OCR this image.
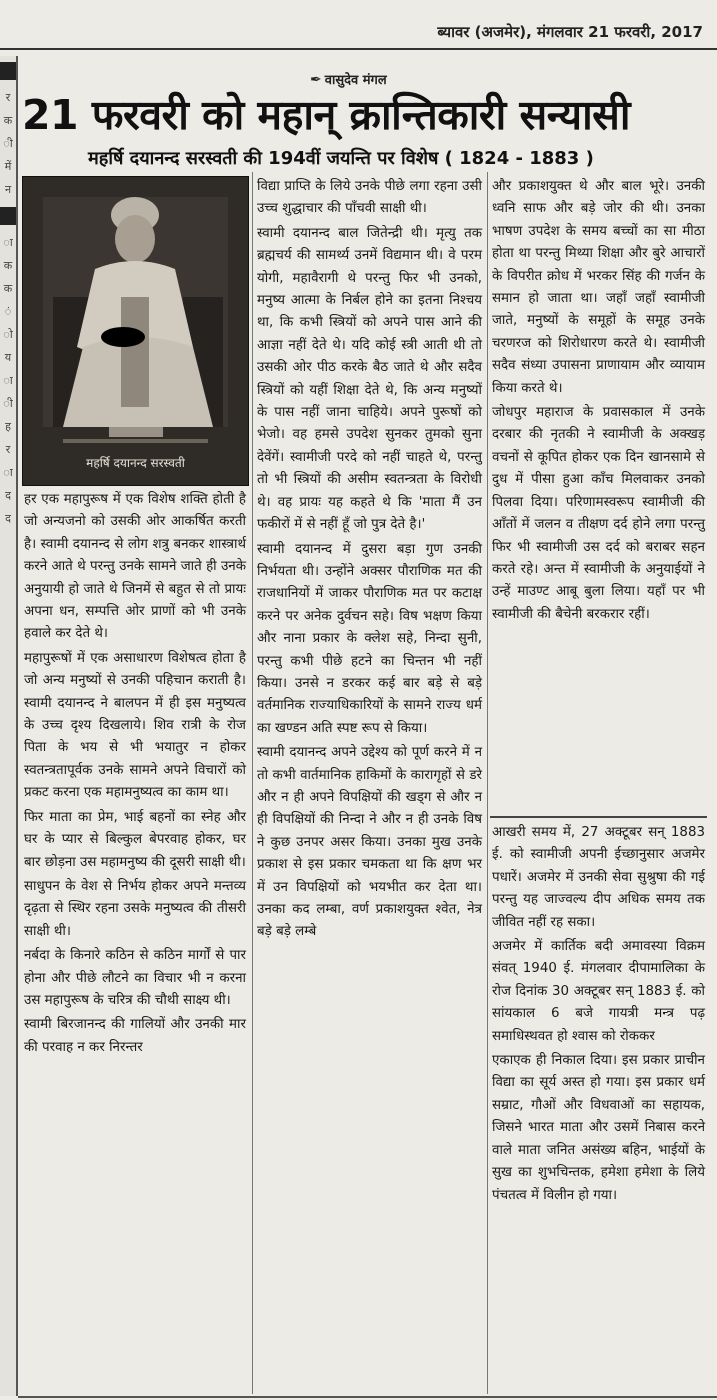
ब्यावर (अजमेर), मंगलवार 21 फरवरी, 2017
र
क
ी
में
न
ा
क
क
ं
ो
य
ा
ी
ह
र
ा
द
द
✒ वासुदेव मंगल
21 फरवरी को महान् क्रान्तिकारी सन्यासी
महर्षि दयानन्द सरस्वती की 194वीं जयन्ति पर विशेष ( 1824 - 1883 )
महर्षि दयानन्द सरस्वती

हर एक महापुरूष में एक विशेष शक्ति होती है जो अन्यजनो को उसकी ओर आकर्षित करती है। स्वामी दयानन्द से लोग शत्रु बनकर शास्त्रार्थ करने आते थे परन्तु उनके सामने जाते ही उनके अनुयायी हो जाते थे जिनमें से बहुत से तो प्रायः अपना धन, सम्पत्ति ओर प्राणों को भी उनके हवाले कर देते थे।

महापुरूषों में एक असाधारण विशेषत्व होता है जो अन्य मनुष्यों से उनकी पहिचान कराती है। स्वामी दयानन्द ने बालपन में ही इस मनुष्यत्व के उच्च दृश्य दिखलाये। शिव रात्री के रोज पिता के भय से भी भयातुर न होकर स्वतन्त्रतापूर्वक उनके सामने अपने विचारों को प्रकट करना एक महामनुष्यत्व का काम था।

फिर माता का प्रेम, भाई बहनों का स्नेह और घर के प्यार से बिल्कुल बेपरवाह होकर, घर बार छोड़ना उस महामनुष्य की दूसरी साक्षी थी।

साधुपन के वेश से निर्भय होकर अपने मन्तव्य दृढ़ता से स्थिर रहना उसके मनुष्यत्व की तीसरी साक्षी थी।

नर्बदा के किनारे कठिन से कठिन मार्गों से पार होना और पीछे लौटने का विचार भी न करना उस महापुरूष के चरित्र की चौथी साक्ष्य थी।

स्वामी बिरजानन्द की गालियों और उनकी मार की परवाह न कर निरन्तर

विद्या प्राप्ति के लिये उनके पीछे लगा रहना उसी उच्च शुद्धाचार की पाँचवी साक्षी थी।

स्वामी दयानन्द बाल जितेन्द्री थी। मृत्यु तक ब्रह्मचर्य की सामर्थ्य उनमें विद्यमान थी। वे परम योगी, महावैरागी थे परन्तु फिर भी उनको, मनुष्य आत्मा के निर्बल होने का इतना निश्चय था, कि कभी स्त्रियों को अपने पास आने की आज्ञा नहीं देते थे। यदि कोई स्त्री आती थी तो उसकी ओर पीठ करके बैठ जाते थे और सदैव स्त्रियों को यहीं शिक्षा देते थे, कि अन्य मनुष्यों के पास नहीं जाना चाहिये। अपने पुरूषों को भेजो। वह हमसे उपदेश सुनकर तुमको सुना देवेंगें। स्वामीजी परदे को नहीं चाहते थे, परन्तु तो भी स्त्रियों की असीम स्वतन्त्रता के विरोधी थे। वह प्रायः यह कहते थे कि 'माता मैं उन फकीरों में से नहीं हूँ जो पुत्र देते है।'

स्वामी दयानन्द में दुसरा बड़ा गुण उनकी निर्भयता थी। उन्होंने अक्सर पौराणिक मत की राजधानियों में जाकर पौराणिक मत पर कटाक्ष करने पर अनेक दुर्वचन सहे। विष भक्षण किया और नाना प्रकार के क्लेश सहे, निन्दा सुनी, परन्तु कभी पीछे हटने का चिन्तन भी नहीं किया। उनसे न डरकर कई बार बड़े से बड़े वर्तमानिक राज्याधिकारियों के सामने राज्य धर्म का खण्डन अति स्पष्ट रूप से किया।

स्वामी दयानन्द अपने उद्देश्य को पूर्ण करने में न तो कभी वार्तमानिक हाकिमों के कारागृहों से डरे और न ही अपने विपक्षियों की खड्ग से और न ही विपक्षियों की निन्दा ने और न ही उनके विष ने कुछ उनपर असर किया। उनका मुख उनके प्रकाश से इस प्रकार चमकता था कि क्षण भर में उन विपक्षियों को भयभीत कर देता था। उनका कद लम्बा, वर्ण प्रकाशयुक्त श्वेत, नेत्र बड़े बड़े लम्बे

और प्रकाशयुक्त थे और बाल भूरे। उनकी ध्वनि साफ और बड़े जोर की थी। उनका भाषण उपदेश के समय बच्चों का सा मीठा होता था परन्तु मिथ्या शिक्षा और बुरे आचारों के विपरीत क्रोध में भरकर सिंह की गर्जन के समान हो जाता था। जहाँ जहाँ स्वामीजी जाते, मनुष्यों के समूहों के समूह उनके चरणरज को शिरोधारण करते थे। स्वामीजी सदैव संध्या उपासना प्राणायाम और व्यायाम किया करते थे।

जोधपुर महाराज के प्रवासकाल में उनके दरबार की नृतकी ने स्वामीजी के अक्खड़ वचनों से कूपित होकर एक दिन खानसामे से दुध में पीसा हुआ काँच मिलवाकर उनको पिलवा दिया। परिणामस्वरूप स्वामीजी की आँतों में जलन व तीक्षण दर्द होने लगा परन्तु फिर भी स्वामीजी उस दर्द को बराबर सहन करते रहे। अन्त में स्वामीजी के अनुयाईयों ने उन्हें माउण्ट आबू बुला लिया। यहाँ पर भी स्वामीजी की बैचेनी बरकरार रहीं।

आखरी समय में, 27 अक्टूबर सन् 1883 ई. को स्वामीजी अपनी ईच्छानुसार अजमेर पधारें। अजमेर में उनकी सेवा सुश्रुषा की गई परन्तु यह जाज्वल्य दीप अधिक समय तक जीवित नहीं रह सका।

अजमेर में कार्तिक बदी अमावस्या विक्रम संवत् 1940 ई. मंगलवार दीपामालिका के रोज दिनांक 30 अक्टूबर सन् 1883 ई. को सांयकाल 6 बजे गायत्री मन्त्र पढ़ समाधिस्थवत हो श्वास को रोककर

एकाएक ही निकाल दिया। इस प्रकार प्राचीन विद्या का सूर्य अस्त हो गया। इस प्रकार धर्म सम्राट, गौओं और विधवाओं का सहायक, जिसने भारत माता और उसमें निबास करने वाले माता जनित असंख्य बहिन, भाईयों के सुख का शुभचिन्तक, हमेशा हमेशा के लिये पंचतत्व में विलीन हो गया।
